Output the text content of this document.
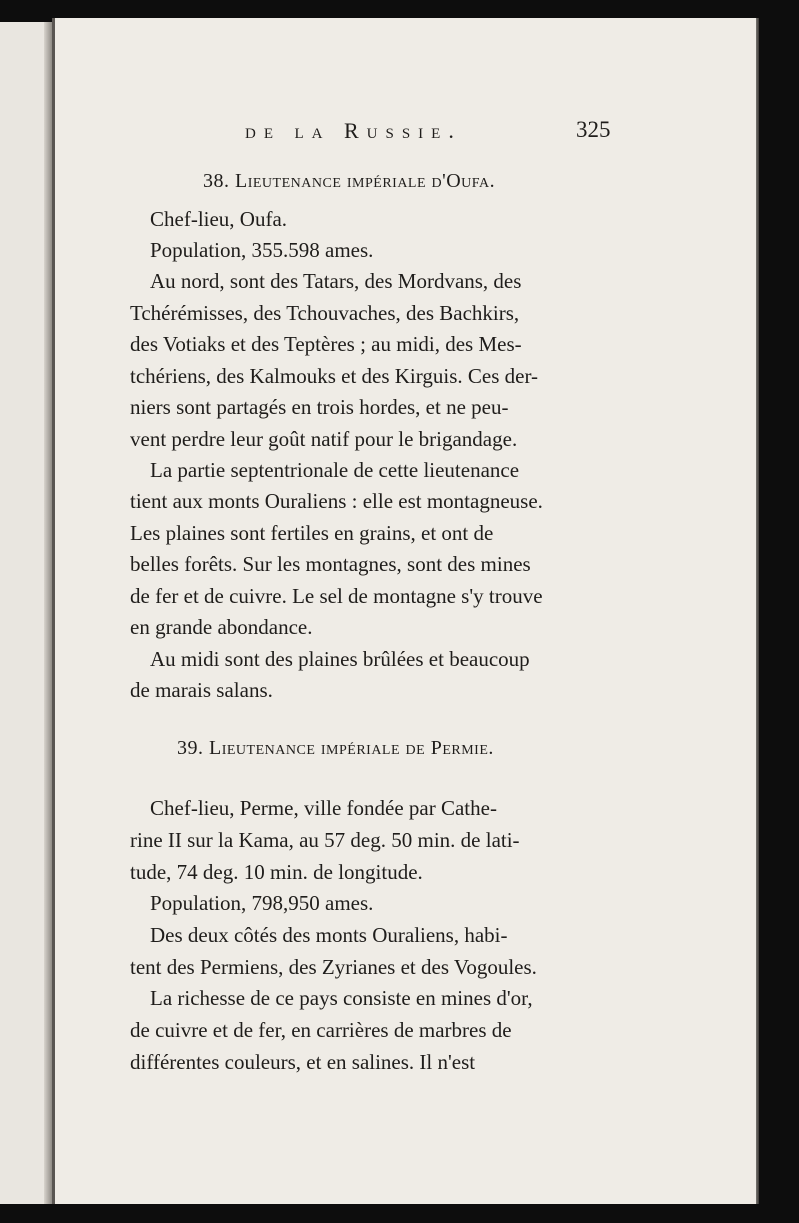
de la Russie.	325
38. Lieutenance impériale d'Oufa.
Chef-lieu, Oufa.
Population, 355.598 ames.
Au nord, sont des Tatars, des Mordvans, des
Tchérémisses, des Tchouvaches, des Bachkirs,
des Votiaks et des Teptères ; au midi, des Mes-
tchériens, des Kalmouks et des Kirguis. Ces der-
niers sont partagés en trois hordes, et ne peu-
vent perdre leur goût natif pour le brigandage.
La partie septentrionale de cette lieutenance
tient aux monts Ouraliens : elle est montagneuse.
Les plaines sont fertiles en grains, et ont de
belles forêts. Sur les montagnes, sont des mines
de fer et de cuivre. Le sel de montagne s'y trouve
en grande abondance.
Au midi sont des plaines brûlées et beaucoup
de marais salans.
39. Lieutenance impériale de Permie.
Chef-lieu, Perme, ville fondée par Cathe-
rine II sur la Kama, au 57 deg. 50 min. de lati-
tude, 74 deg. 10 min. de longitude.
Population, 798,950 ames.
Des deux côtés des monts Ouraliens, habi-
tent des Permiens, des Zyrianes et des Vogoules.
La richesse de ce pays consiste en mines d'or,
de cuivre et de fer, en carrières de marbres de
différentes couleurs, et en salines. Il n'est
